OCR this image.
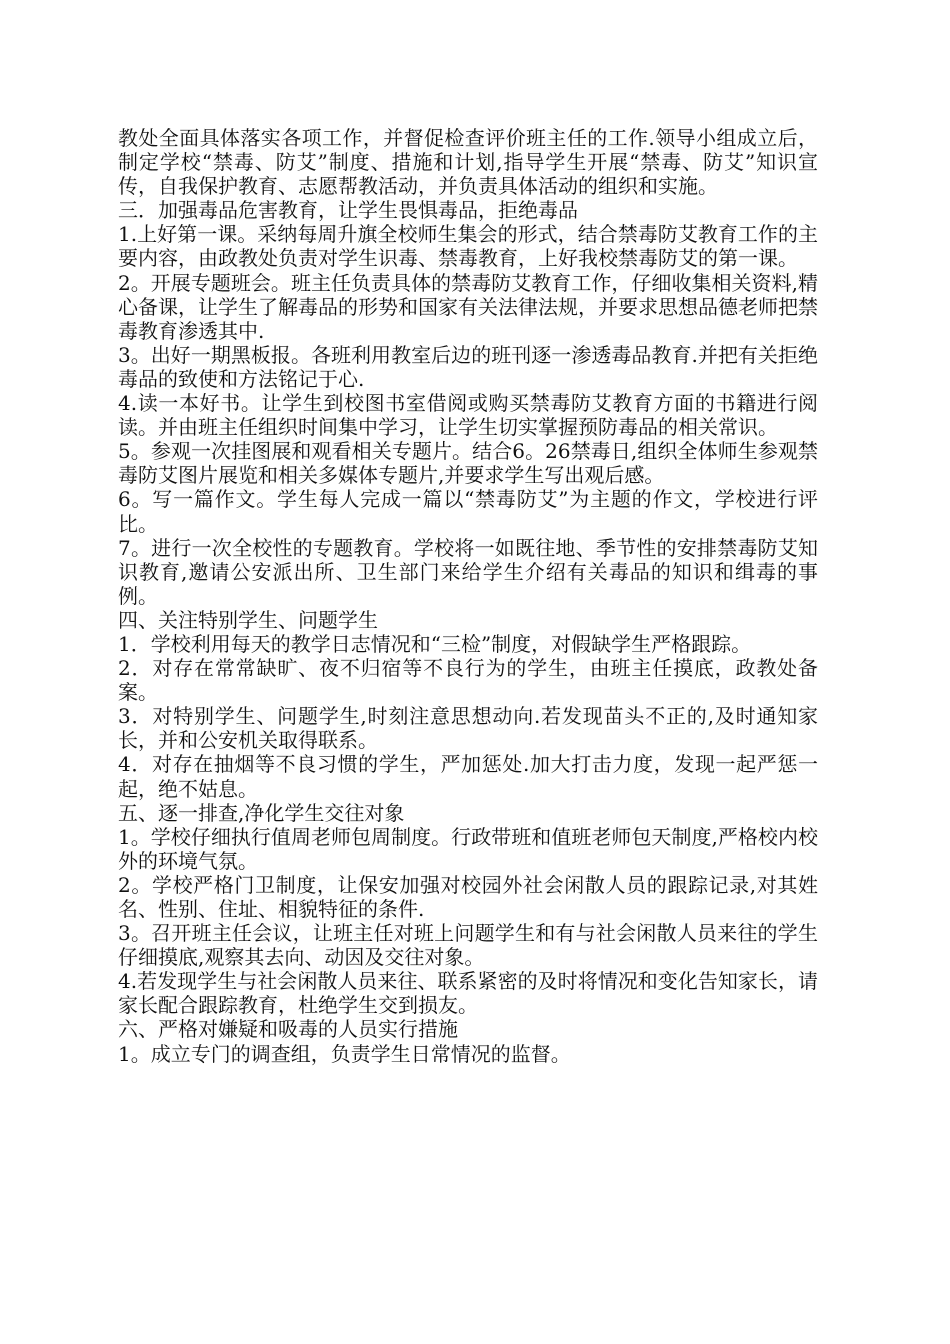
教处全面具体落实各项工作，并督促检查评价班主任的工作.领导小组成立后，制定学校“禁毒、防艾”制度、措施和计划,指导学生开展“禁毒、防艾”知识宣传，自我保护教育、志愿帮教活动，并负责具体活动的组织和实施。

三．加强毒品危害教育，让学生畏惧毒品，拒绝毒品

1.上好第一课。采纳每周升旗全校师生集会的形式，结合禁毒防艾教育工作的主要内容，由政教处负责对学生识毒、禁毒教育，上好我校禁毒防艾的第一课。

2。开展专题班会。班主任负责具体的禁毒防艾教育工作，仔细收集相关资料,精心备课，让学生了解毒品的形势和国家有关法律法规，并要求思想品德老师把禁毒教育渗透其中.

3。出好一期黑板报。各班利用教室后边的班刊逐一渗透毒品教育.并把有关拒绝毒品的致使和方法铭记于心.

4.读一本好书。让学生到校图书室借阅或购买禁毒防艾教育方面的书籍进行阅读。并由班主任组织时间集中学习，让学生切实掌握预防毒品的相关常识。

5。参观一次挂图展和观看相关专题片。结合6。26禁毒日,组织全体师生参观禁毒防艾图片展览和相关多媒体专题片,并要求学生写出观后感。

6。写一篇作文。学生每人完成一篇以“禁毒防艾”为主题的作文，学校进行评比。

7。进行一次全校性的专题教育。学校将一如既往地、季节性的安排禁毒防艾知识教育,邀请公安派出所、卫生部门来给学生介绍有关毒品的知识和缉毒的事例。

四、关注特别学生、问题学生

1．学校利用每天的教学日志情况和“三检”制度，对假缺学生严格跟踪。

2．对存在常常缺旷、夜不归宿等不良行为的学生，由班主任摸底，政教处备案。

3．对特别学生、问题学生,时刻注意思想动向.若发现苗头不正的,及时通知家长，并和公安机关取得联系。

4．对存在抽烟等不良习惯的学生，严加惩处.加大打击力度，发现一起严惩一起，绝不姑息。

五、逐一排查,净化学生交往对象

1。学校仔细执行值周老师包周制度。行政带班和值班老师包天制度,严格校内校外的环境气氛。

2。学校严格门卫制度，让保安加强对校园外社会闲散人员的跟踪记录,对其姓名、性别、住址、相貌特征的条件.

3。召开班主任会议，让班主任对班上问题学生和有与社会闲散人员来往的学生仔细摸底,观察其去向、动因及交往对象。

4.若发现学生与社会闲散人员来往、联系紧密的及时将情况和变化告知家长，请家长配合跟踪教育，杜绝学生交到损友。

六、严格对嫌疑和吸毒的人员实行措施

1。成立专门的调查组，负责学生日常情况的监督。
